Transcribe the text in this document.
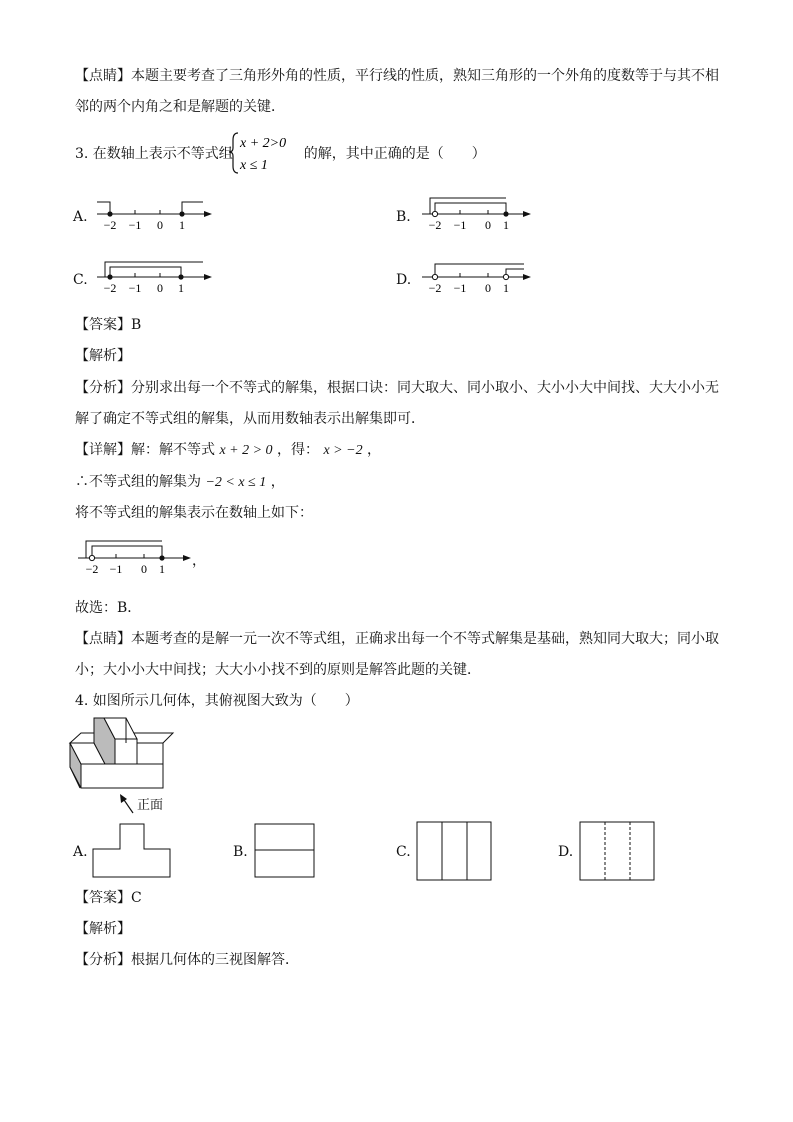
【点睛】本题主要考查了三角形外角的性质，平行线的性质，熟知三角形的一个外角的度数等于与其不相
邻的两个内角之和是解题的关键．
3. 在数轴上表示不等式组	的解，其中正确的是（　　）
x + 2>0
x ≤ 1
A. −2 −1 0 1	B. −2 −1 0 1
C. −2 −1 0 1	D. −2 −1 0 1
【答案】B
【解析】
【分析】分别求出每一个不等式的解集，根据口诀：同大取大、同小取小、大小小大中间找、大大小小无
解了确定不等式组的解集，从而用数轴表示出解集即可．
【详解】解：解不等式 x + 2 > 0 ，得： x > −2 ，
∴不等式组的解集为 −2 < x ≤ 1 ，
将不等式组的解集表示在数轴上如下：
−2 −1 0 1 ，
故选：B．
【点睛】本题考查的是解一元一次不等式组，正确求出每一个不等式解集是基础，熟知同大取大；同小取
小；大小小大中间找；大大小小找不到的原则是解答此题的关键．
4. 如图所示几何体，其俯视图大致为（　　）
正面
A.	B.	C.	D.
【答案】C
【解析】
【分析】根据几何体的三视图解答．
